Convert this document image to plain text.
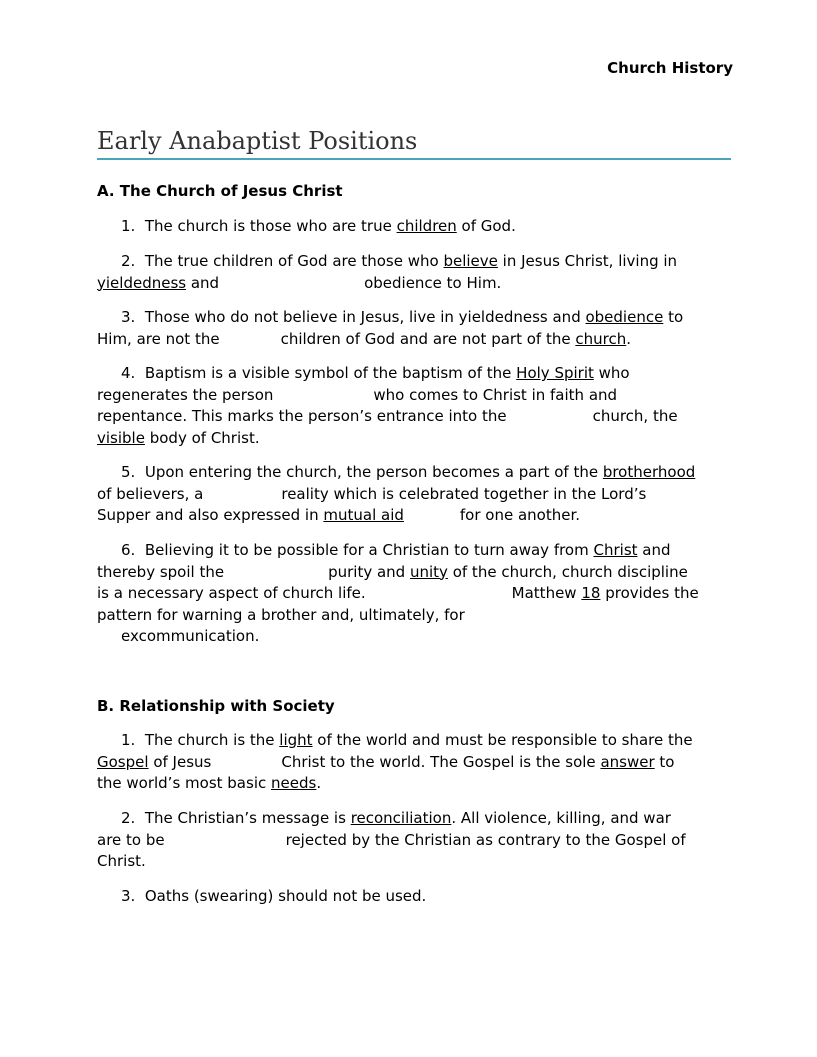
Church History
Early Anabaptist Positions
A. The Church of Jesus Christ
1. The church is those who are true children of God.
2. The true children of God are those who believe in Jesus Christ, living in
yieldedness and	obedience to Him.
3. Those who do not believe in Jesus, live in yieldedness and obedience to
Him, are not the	children of God and are not part of the church.
4. Baptism is a visible symbol of the baptism of the Holy Spirit who
regenerates the person	who comes to Christ in faith and
repentance. This marks the person’s entrance into the	church, the
visible body of Christ.
5. Upon entering the church, the person becomes a part of the brotherhood
of believers, a	reality which is celebrated together in the Lord’s
Supper and also expressed in mutual aid	for one another.
6. Believing it to be possible for a Christian to turn away from Christ and
thereby spoil the	purity and unity of the church, church discipline
is a necessary aspect of church life.	Matthew 18 provides the
pattern for warning a brother and, ultimately, for
excommunication.
B. Relationship with Society
1. The church is the light of the world and must be responsible to share the
Gospel of Jesus	Christ to the world. The Gospel is the sole answer to
the world’s most basic needs.
2. The Christian’s message is reconciliation. All violence, killing, and war
are to be	rejected by the Christian as contrary to the Gospel of
Christ.
3. Oaths (swearing) should not be used.
